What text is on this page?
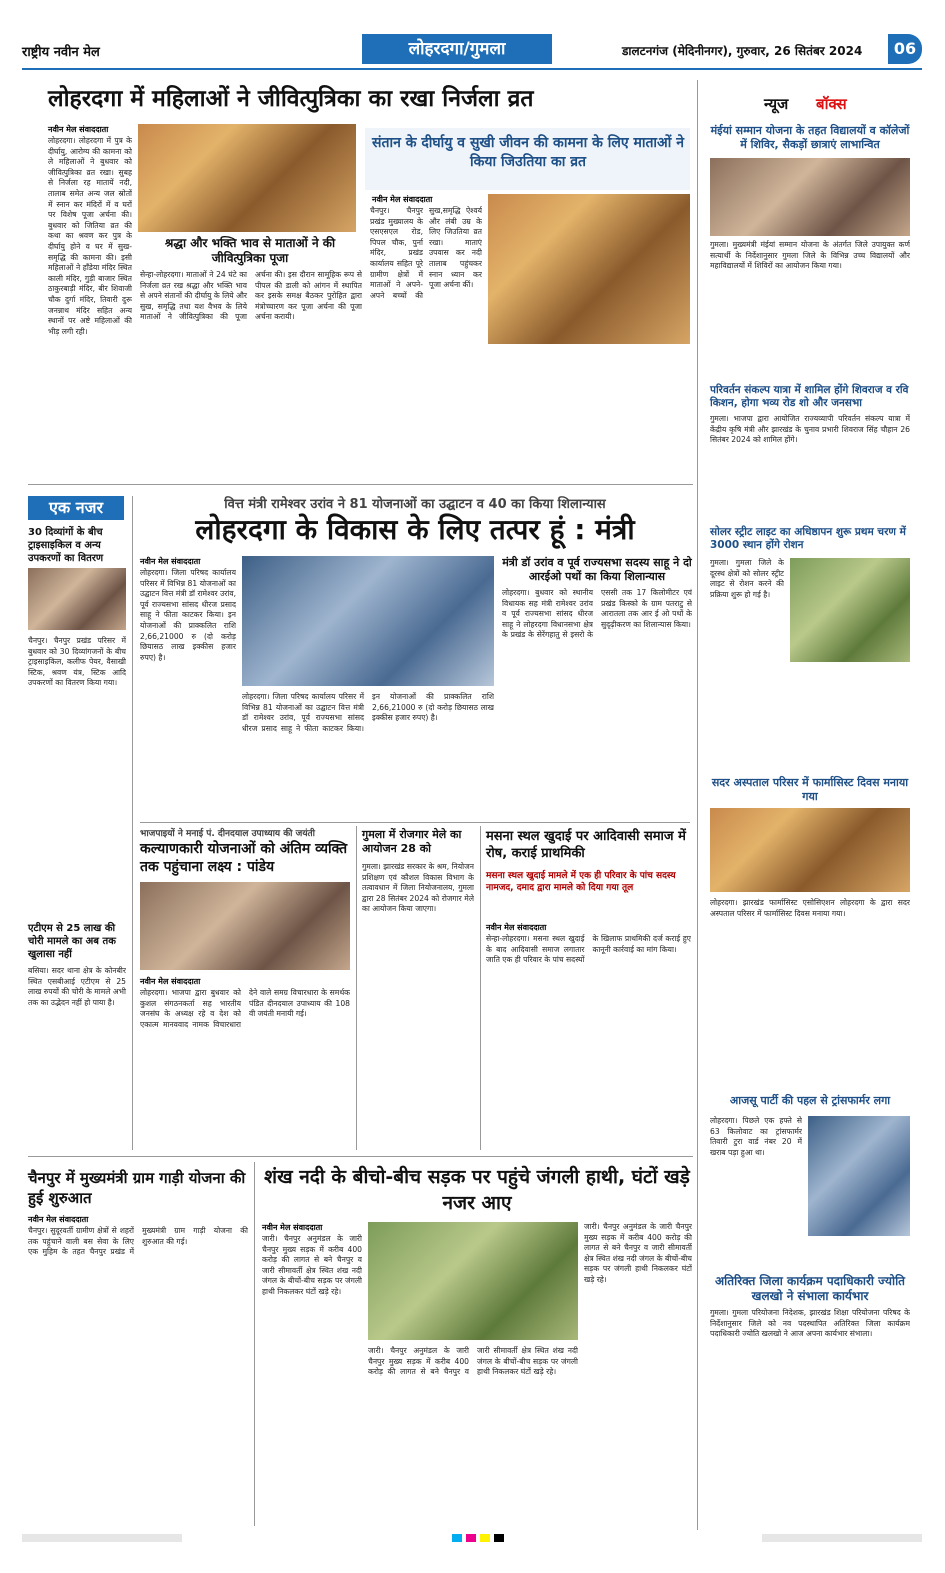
राष्ट्रीय नवीन मेल	लोहरदगा/गुमला	डालटनगंज (मेदिनीनगर), गुरुवार, 26 सितंबर 2024	06
लोहरदगा में महिलाओं ने जीवित्पुत्रिका का रखा निर्जला व्रत
नवीन मेल संवाददाता
लोहरदगा। लोहरदगा में पुत्र के दीर्घायु, आरोग्य की कामना को ले महिलाओं ने बुधवार को जीवित्पुत्रिका व्रत रखा। सुबह से निर्जला रह मातायें नदी, तालाब समेत अन्य जल स्रोतों में स्नान कर मंदिरों में व घरों पर विशेष पूजा अर्चना की। बुधवार को जितिया व्रत की कथा का श्रवण कर पुत्र के दीर्घायु होने व घर में सुख-समृद्धि की कामना की। इसी महिलाओं ने हाँडेया मंदिर स्थित काली मंदिर, गुड़ी बाजार स्थित ठाकुरबाड़ी मंदिर, बीर शिवाजी चौक दुर्गा मंदिर, तिवारी दुरू जनन्नाथ मंदिर सहित अन्य स्थानों पर अष्टे महिलाओं की भीड़ लगी रही।
श्रद्धा और भक्ति भाव से माताओं ने की जीवित्पुत्रिका पूजा
सेन्हा-लोहरदगा। माताओं ने 24 घंटे का निर्जला व्रत रख श्रद्धा और भक्ति भाव से अपने संतानों की दीर्घायु के लिये और सुख, समृद्धि तथा यश वैभव के लिये माताओं ने जीवित्पुत्रिका की पूजा अर्चना की। इस दौरान सामूहिक रूप से पीपल की डाली को आंगन में स्थापित कर इसके समक्ष बैठकर पुरोहित द्वारा मंत्रोच्चारण कर पूजा अर्चना की पूजा अर्चना करायी।
संतान के दीर्घायु व सुखी जीवन की कामना के लिए माताओं ने किया जिउतिया का व्रत
नवीन मेल संवाददाता
चैनपुर। चैनपुर प्रखंड मुख्यालय के एसएसएल रोड, पिपल चौक, पुर्ना मंदिर, प्रखंड कार्यालय सहित पूरे ग्रामीण क्षेत्रों में माताओं ने अपने-अपने बच्चों की सुख,समृद्धि ऐश्वर्य और लंबी उम्र के लिए जिउतिया व्रत रखा। माताएं उपवास कर नदी तालाब पहुंचकर स्नान ध्यान कर पूजा अर्चना कीं।
एक नजर
30 दिव्यांगों के बीच ट्राइसाइकिल व अन्य उपकरणों का वितरण
चैनपुर। चैनपुर प्रखंड परिसर में बुधवार को 30 दिव्यांगजनों के बीच ट्राइसाइकिल, कलीफ पेयर, वैसाखी स्टिक, श्रवण यंत्र, स्टिक आदि उपकरणों का वितरण किया गया।
एटीएम से 25 लाख की चोरी मामले का अब तक खुलासा नहीं
बसिया। सदर थाना क्षेत्र के कोनबीर स्थित एसबीआई एटीएम से 25 लाख रुपयों की चोरी के मामले अभी तक का उद्भेदन नहीं हो पाया है।
वित्त मंत्री रामेश्वर उरांव ने 81 योजनाओं का उद्घाटन व 40 का किया शिलान्यास
लोहरदगा के विकास के लिए तत्पर हूं : मंत्री
नवीन मेल संवाददाता
लोहरदगा। जिला परिषद कार्यालय परिसर में विभिन्न 81 योजनाओं का उद्घाटन वित्त मंत्री डॉ रामेश्वर उरांव, पूर्व राज्यसभा सांसद धीरज प्रसाद साहू ने फीता काटकर किया। इन योजनाओं की प्राक्कलित राशि 2,66,21000 रु (दो करोड़ छियासठ लाख इक्कीस हजार रुपए) है।
लोहरदगा। जिला परिषद कार्यालय परिसर में विभिन्न 81 योजनाओं का उद्घाटन वित्त मंत्री डॉ रामेश्वर उरांव, पूर्व राज्यसभा सांसद धीरज प्रसाद साहू ने फीता काटकर किया। इन योजनाओं की प्राक्कलित राशि 2,66,21000 रु (दो करोड़ छियासठ लाख इक्कीस हजार रुपए) है।
मंत्री डॉ उरांव व पूर्व राज्यसभा सदस्य साहू ने दो आरईओ पथों का किया शिलान्यास
लोहरदगा। बुधवार को स्थानीय विधायक सह मंत्री रामेश्वर उरांव व पूर्व राज्यसभा सांसद धीरज साहू ने लोहरदगा विधानसभा क्षेत्र के प्रखंड के सेरेंगहातु से इसरो के एससी तक 17 किलोमीटर एवं प्रखंड किस्को के ग्राम पतराटु से आरातला तक आर ई ओ पथों के सुदृढ़ीकरण का शिलान्यास किया।
भाजपाइयों ने मनाई पं. दीनदयाल उपाध्याय की जयंती
कल्याणकारी योजनाओं को अंतिम व्यक्ति तक पहुंचाना लक्ष्य : पांडेय
नवीन मेल संवाददाता
लोहरदगा। भाजपा द्वारा बुधवार को कुशल संगठनकर्ता सह भारतीय जनसंघ के अध्यक्ष रहे व देश को एकात्म मानववाद नामक विचारधारा देने वाले समग्र विचारधारा के समर्थक पंडित दीनदयाल उपाध्याय की 108 वी जयंती मनायी गई।
गुमला में रोजगार मेले का आयोजन 28 को
गुमला। झारखंड सरकार के श्रम, नियोजन प्रशिक्षण एवं कौशल विकास विभाग के तत्वावधान में जिला नियोजनालय, गुमला द्वारा 28 सितंबर 2024 को रोजगार मेले का आयोजन किया जाएगा।
मसना स्थल खुदाई पर आदिवासी समाज में रोष, कराई प्राथमिकी
मसना स्थल खुदाई मामले में एक ही परिवार के पांच सदस्य नामजद, दमाद द्वारा मामले को दिया गया तूल
नवीन मेल संवाददाता
सेन्हा-लोहरदगा। मसना स्थल खुदाई के बाद आदिवासी समाज लगातार जाति एक ही परिवार के पांच सदस्यों के खिलाफ प्राथमिकी दर्ज कराई हुए कानूनी कार्रवाई का मांग किया।
चैनपुर में मुख्यमंत्री ग्राम गाड़ी योजना की हुई शुरुआत
नवीन मेल संवाददाता
चैनपुर। सुदूरवर्ती ग्रामीण क्षेत्रों से शहरों तक पहुंचाने वाली बस सेवा के लिए एक मुहिम के तहत चैनपुर प्रखंड में मुख्यमंत्री ग्राम गाड़ी योजना की शुरुआत की गई।
शंख नदी के बीचो-बीच सड़क पर पहुंचे जंगली हाथी, घंटों खड़े नजर आए
नवीन मेल संवाददाता
जारी। चैनपुर अनुमंडल के जारी चैनपुर मुख्य सड़क में करीब 400 करोड़ की लागत से बने चैनपुर व जारी सीमावर्ती क्षेत्र स्थित शंख नदी जंगल के बीचों-बीच सड़क पर जंगली हाथी निकलकर घंटों खड़े रहे।
जारी। चैनपुर अनुमंडल के जारी चैनपुर मुख्य सड़क में करीब 400 करोड़ की लागत से बने चैनपुर व जारी सीमावर्ती क्षेत्र स्थित शंख नदी जंगल के बीचों-बीच सड़क पर जंगली हाथी निकलकर घंटों खड़े रहे।
जारी। चैनपुर अनुमंडल के जारी चैनपुर मुख्य सड़क में करीब 400 करोड़ की लागत से बने चैनपुर व जारी सीमावर्ती क्षेत्र स्थित शंख नदी जंगल के बीचों-बीच सड़क पर जंगली हाथी निकलकर घंटों खड़े रहे।
न्यूज बॉक्स
मंईयां सम्मान योजना के तहत विद्यालयों व कॉलेजों में शिविर, सैकड़ों छात्राएं लाभान्वित
गुमला। मुख्यमंत्री मंईयां सम्मान योजना के अंतर्गत जिले उपायुक्त कर्ण सत्यार्थी के निर्देशानुसार गुमला जिले के विभिन्न उच्च विद्यालयों और महाविद्यालयों में शिविरों का आयोजन किया गया।
परिवर्तन संकल्प यात्रा में शामिल होंगे शिवराज व रवि किशन, होगा भव्य रोड शो और जनसभा
गुमला। भाजपा द्वारा आयोजित राज्यव्यापी परिवर्तन संकल्प यात्रा में केंद्रीय कृषि मंत्री और झारखंड के चुनाव प्रभारी शिवराज सिंह चौहान 26 सितंबर 2024 को शामिल होंगे।
सोलर स्ट्रीट लाइट का अधिष्ठापन शुरू प्रथम चरण में 3000 स्थान होंगे रोशन
गुमला। गुमला जिले के दूरस्थ क्षेत्रों को सोलर स्ट्रीट लाइट से रोशन करने की प्रक्रिया शुरू हो गई है।
सदर अस्पताल परिसर में फार्मासिस्ट दिवस मनाया गया
लोहरदगा। झारखंड फार्मासिस्ट एसोसिएशन लोहरदगा के द्वारा सदर अस्पताल परिसर में फार्मासिस्ट दिवस मनाया गया।
आजसू पार्टी की पहल से ट्रांसफार्मर लगा
लोहरदगा। पिछले एक हफ्ते से 63 किलोवाट का ट्रांसफार्मर तिवारी टुरा वार्ड नंबर 20 में खराब पड़ा हुआ था।
अतिरिक्त जिला कार्यक्रम पदाधिकारी ज्योति खलखो ने संभाला कार्यभार
गुमला। गुमला परियोजना निदेशक, झारखंड शिक्षा परियोजना परिषद के निर्देशानुसार जिले को नव पदस्थापित अतिरिक्त जिला कार्यक्रम पदाधिकारी ज्योति खलखो ने आज अपना कार्यभार संभाला।
